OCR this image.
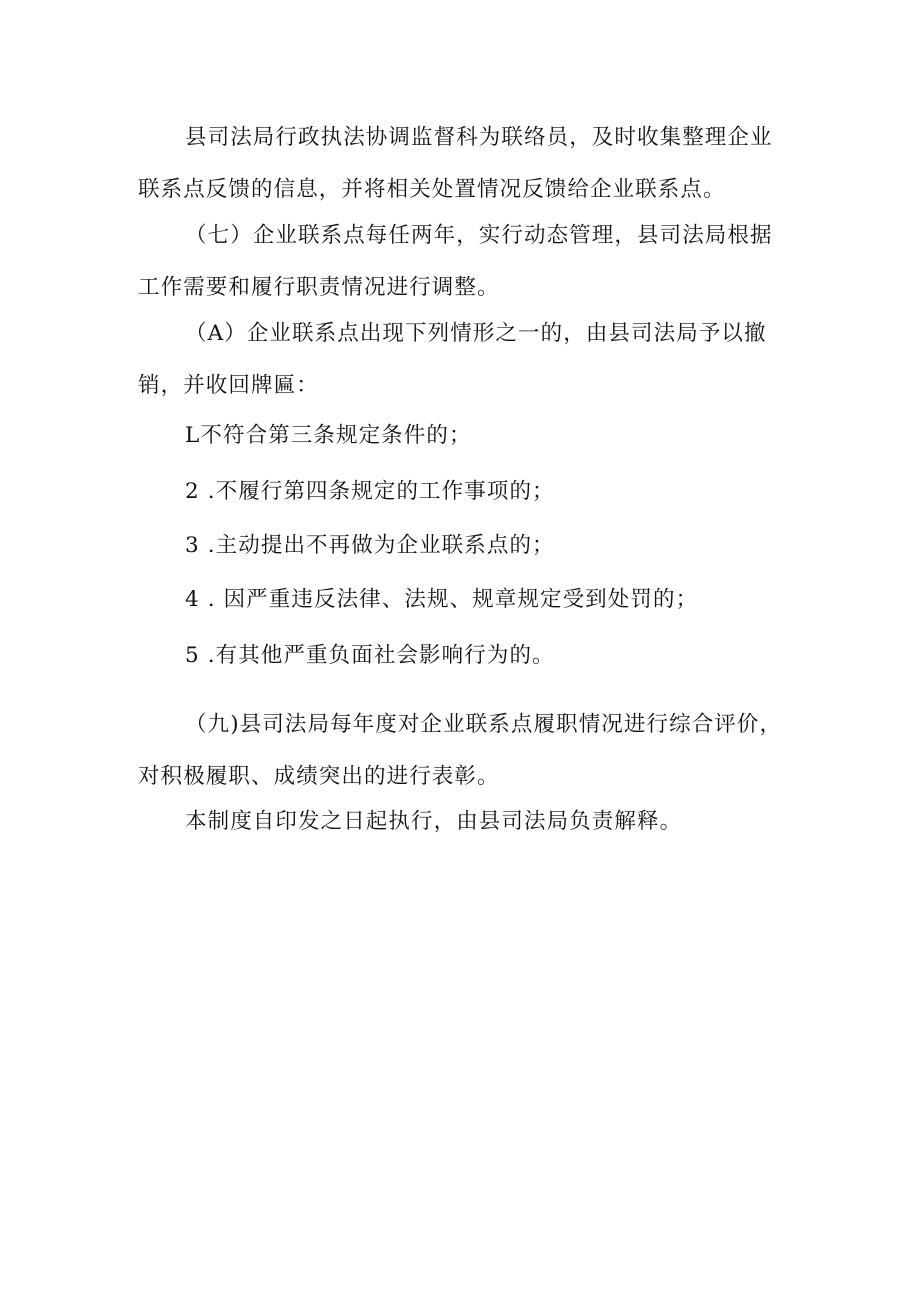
县司法局行政执法协调监督科为联络员，及时收集整理企业
联系点反馈的信息，并将相关处置情况反馈给企业联系点。
（七）企业联系点每任两年，实行动态管理，县司法局根据
工作需要和履行职责情况进行调整。
（A）企业联系点出现下列情形之一的，由县司法局予以撤
销，并收回牌匾：
L不符合第三条规定条件的；
2 .不履行第四条规定的工作事项的；
3 .主动提出不再做为企业联系点的；
4 . 因严重违反法律、法规、规章规定受到处罚的；
5 .有其他严重负面社会影响行为的。
（九)县司法局每年度对企业联系点履职情况进行综合评价，
对积极履职、成绩突出的进行表彰。
本制度自印发之日起执行，由县司法局负责解释。
